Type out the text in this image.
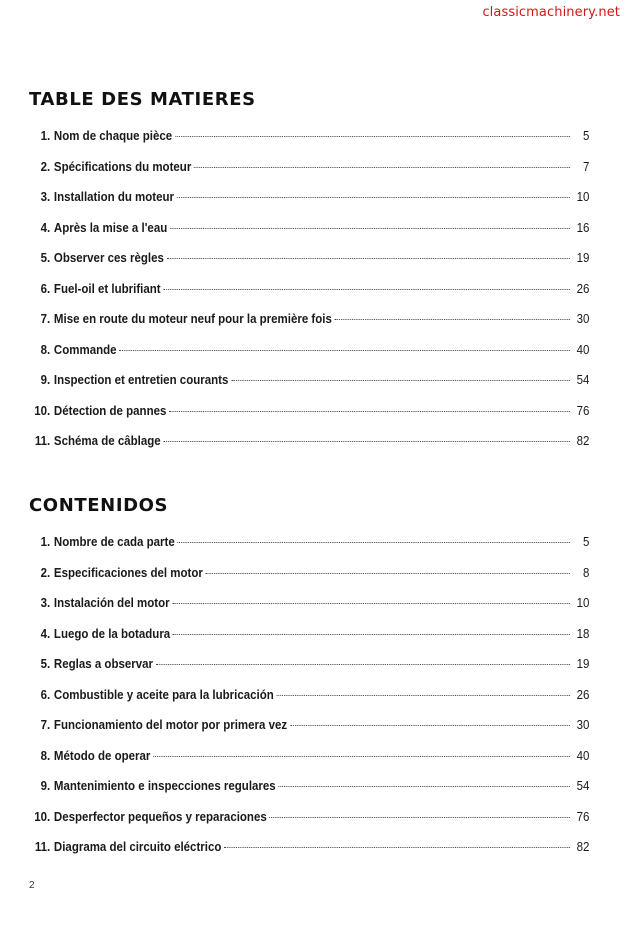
classicmachinery.net
TABLE DES MATIERES
1. Nom de chaque pièce	5
2. Spécifications du moteur	7
3. Installation du moteur	10
4. Après la mise a l'eau	16
5. Observer ces règles	19
6. Fuel-oil et lubrifiant	26
7. Mise en route du moteur neuf pour la première fois	30
8. Commande	40
9. Inspection et entretien courants	54
10. Détection de pannes	76
11. Schéma de câblage	82
CONTENIDOS
1. Nombre de cada parte	5
2. Especificaciones del motor	8
3. Instalación del motor	10
4. Luego de la botadura	18
5. Reglas a observar	19
6. Combustible y aceite para la lubricación	26
7. Funcionamiento del motor por primera vez	30
8. Método de operar	40
9. Mantenimiento e inspecciones regulares	54
10. Desperfector pequeños y reparaciones	76
11. Diagrama del circuito eléctrico	82
2
